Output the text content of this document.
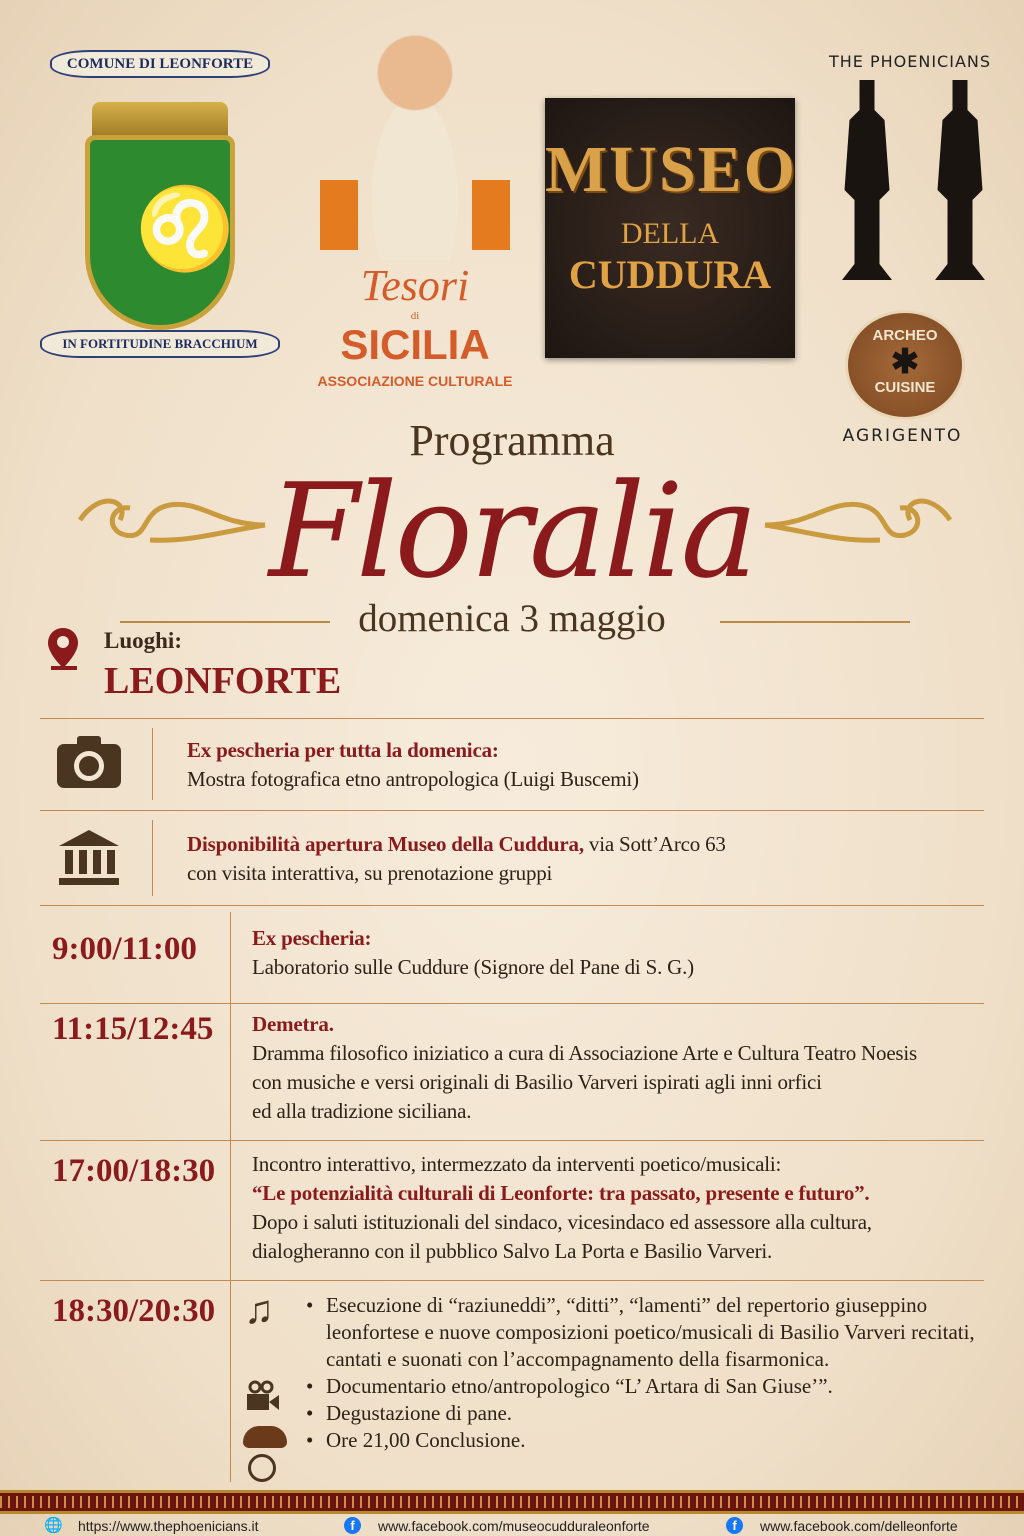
COMUNE DI LEONFORTE
♌
IN FORTITUDINE BRACCHIUM
Tesori
di
SICILIA
ASSOCIAZIONE CULTURALE
MUSEO
DELLA
CUDDURA
THE PHOENICIANS
ARCHEO
✱
CUISINE
AGRIGENTO
Programma
Floralia
domenica 3 maggio
Luoghi:
LEONFORTE
Ex pescheria per tutta la domenica:
Mostra fotografica etno antropologica (Luigi Buscemi)
Disponibilità apertura Museo della Cuddura, via Sott’Arco 63
con visita interattiva, su prenotazione gruppi
9:00/11:00	Ex pescheria:
Laboratorio sulle Cuddure (Signore del Pane di S. G.)
11:15/12:45 Demetra.
Dramma filosofico iniziatico a cura di Associazione Arte e Cultura Teatro Noesis
con musiche e versi originali di Basilio Varveri ispirati agli inni orfici
ed alla tradizione siciliana.
17:00/18:30 Incontro interattivo, intermezzato da interventi poetico/musicali:
“Le potenzialità culturali di Leonforte: tra passato, presente e futuro”.
Dopo i saluti istituzionali del sindaco, vicesindaco ed assessore alla cultura,
dialogheranno con il pubblico Salvo La Porta e Basilio Varveri.
18:30/20:30 ♫	• Esecuzione di “raziuneddi”, “ditti”, “lamenti” del repertorio giuseppino leonfortese e nuove composizioni poetico/musicali di Basilio Varveri recitati, cantati e suonati con l’accompagnamento della fisarmonica.
• Documentario etno/antropologico “L’ Artara di San Giuse’”.
• Degustazione di pane.
• Ore 21,00 Conclusione.
🌐 https://www.thephoenicians.it	f	www.facebook.com/museocudduraleonforte	f	www.facebook.com/delleonforte
